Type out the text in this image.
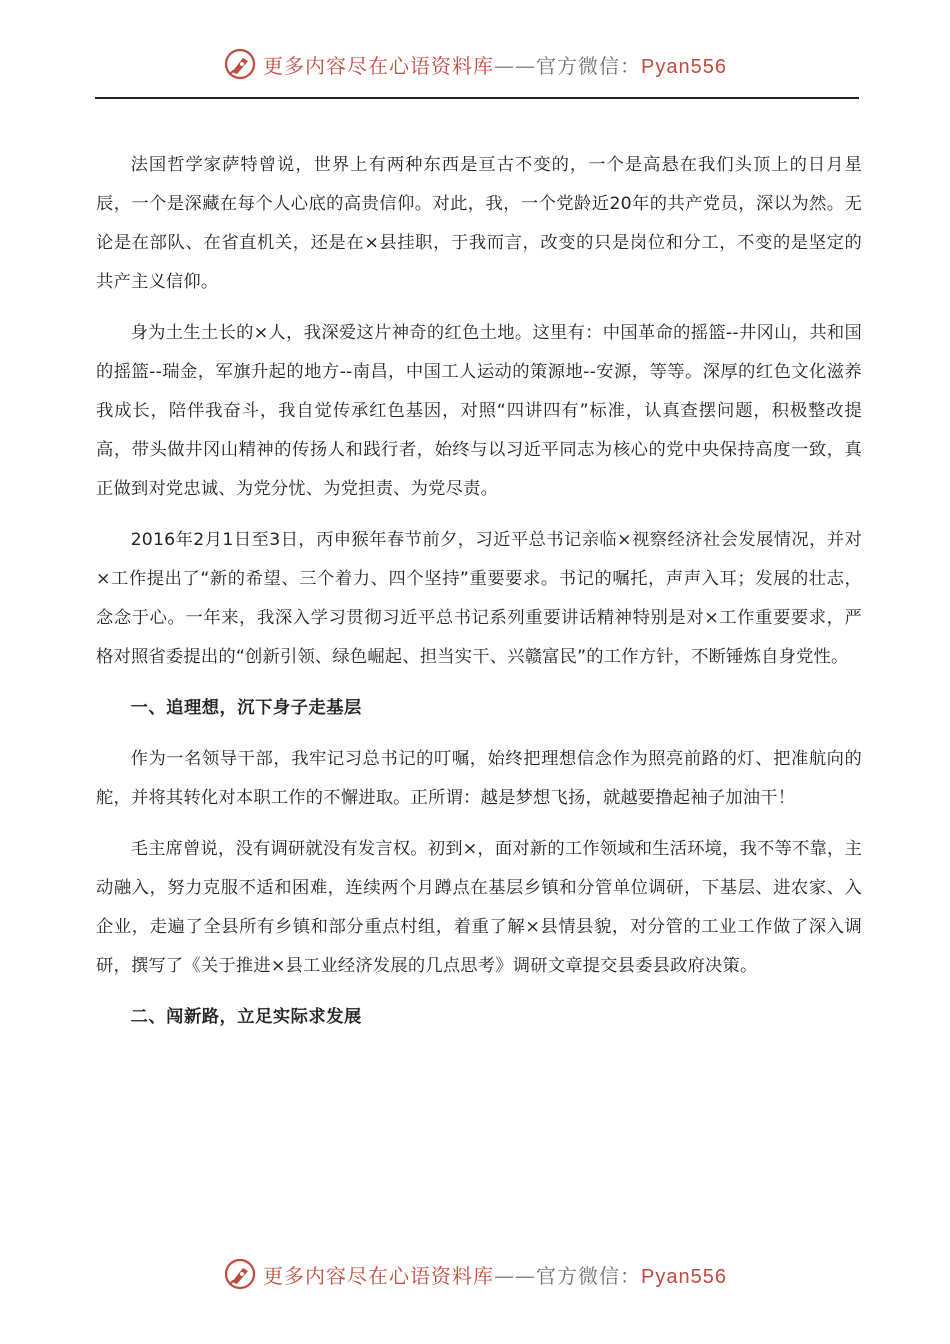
更多内容尽在心语资料库——官方微信：Pyan556

法国哲学家萨特曾说，世界上有两种东西是亘古不变的，一个是高悬在我们头顶上的日月星辰，一个是深藏在每个人心底的高贵信仰。对此，我，一个党龄近20年的共产党员，深以为然。无论是在部队、在省直机关，还是在×县挂职，于我而言，改变的只是岗位和分工，不变的是坚定的共产主义信仰。

身为土生土长的×人，我深爱这片神奇的红色土地。这里有：中国革命的摇篮--井冈山，共和国的摇篮--瑞金，军旗升起的地方--南昌，中国工人运动的策源地--安源，等等。深厚的红色文化滋养我成长，陪伴我奋斗，我自觉传承红色基因，对照“四讲四有”标准，认真查摆问题，积极整改提高，带头做井冈山精神的传扬人和践行者，始终与以习近平同志为核心的党中央保持高度一致，真正做到对党忠诚、为党分忧、为党担责、为党尽责。

2016年2月1日至3日，丙申猴年春节前夕，习近平总书记亲临×视察经济社会发展情况，并对×工作提出了“新的希望、三个着力、四个坚持”重要要求。书记的嘱托，声声入耳；发展的壮志，念念于心。一年来，我深入学习贯彻习近平总书记系列重要讲话精神特别是对×工作重要要求，严格对照省委提出的“创新引领、绿色崛起、担当实干、兴赣富民”的工作方针，不断锤炼自身党性。

一、追理想，沉下身子走基层

作为一名领导干部，我牢记习总书记的叮嘱，始终把理想信念作为照亮前路的灯、把准航向的舵，并将其转化对本职工作的不懈进取。正所谓：越是梦想飞扬，就越要撸起袖子加油干！

毛主席曾说，没有调研就没有发言权。初到×，面对新的工作领域和生活环境，我不等不靠，主动融入，努力克服不适和困难，连续两个月蹲点在基层乡镇和分管单位调研，下基层、进农家、入企业，走遍了全县所有乡镇和部分重点村组，着重了解×县情县貌，对分管的工业工作做了深入调研，撰写了《关于推进×县工业经济发展的几点思考》调研文章提交县委县政府决策。

二、闯新路，立足实际求发展

更多内容尽在心语资料库——官方微信：Pyan556
